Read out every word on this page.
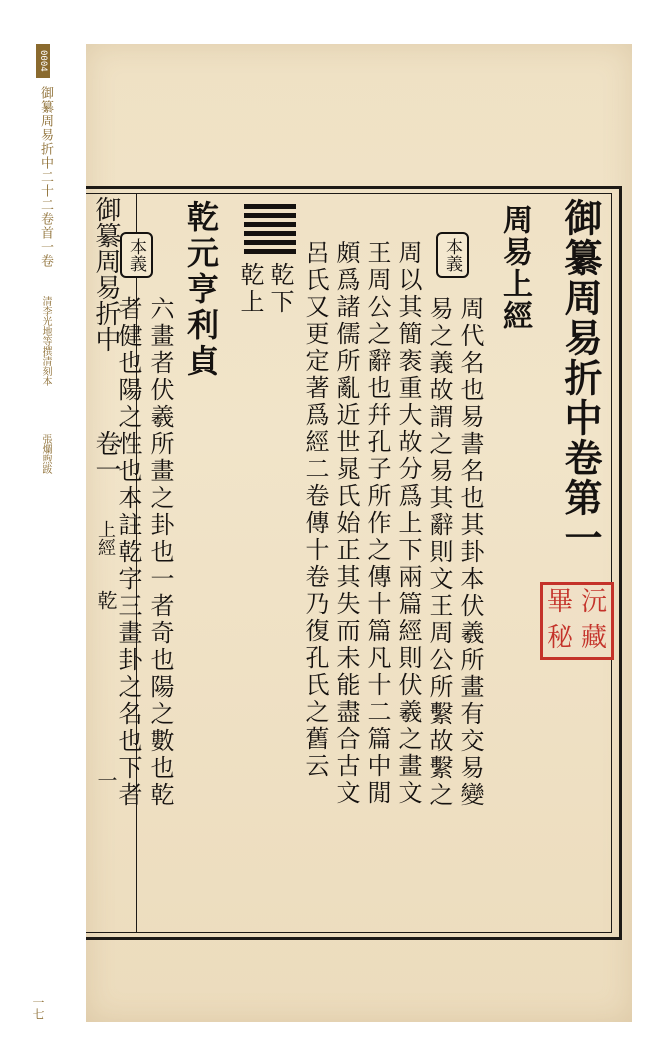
0004
御纂周易折中二十二卷首一卷
清李光地等撰
清刻本
張爛煦跋
一七

御纂周易折中卷第一
周易上經
本義
周代名也易書名也其卦本伏羲所畫有交易變
易之義故謂之易其辭則文王周公所繫故繫之
周以其簡袠重大故分爲上下兩篇經則伏羲之畫文
王周公之辭也幷孔子所作之傳十篇凡十二篇中閒
頗爲諸儒所亂近世晁氏始正其失而未能盡合古文
呂氏又更定著爲經二卷傳十卷乃復孔氏之舊云
乾下
乾上
乾元亨利貞
本義
六畫者伏羲所畫之卦也一者奇也陽之數也乾
者健也陽之性也本註乾字三畫卦之名也下者
御纂周易折中
卷一
上經
乾
一
畢 沅
秘 藏
